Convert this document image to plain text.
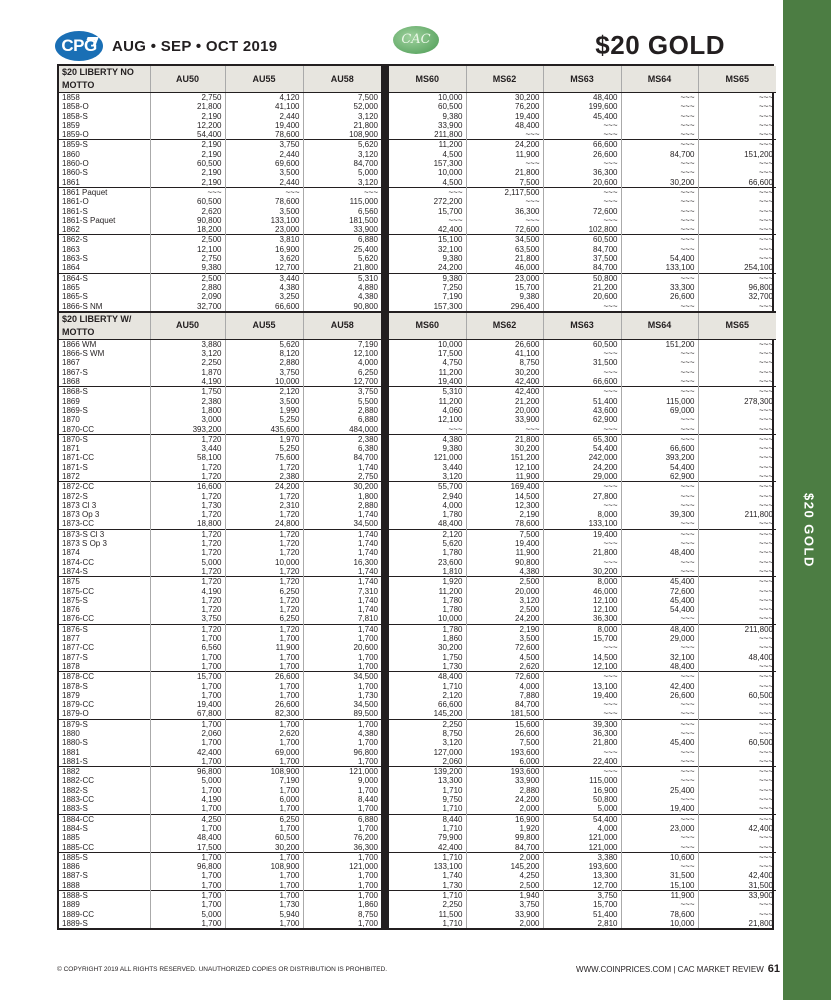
CPG	AUG • SEP • OCT 2019	CAC	$20 GOLD
$20 GOLD
$20 LIBERTY NO MOTTO	AU50	AU55	AU58		MS60	MS62	MS63	MS64	MS65
1858	2,750	4,120	7,500		10,000	30,200	48,400	~~~	~~~
1858-O	21,800	41,100	52,000		60,500	76,200	199,600	~~~	~~~
1858-S	2,190	2,440	3,120		9,380	19,400	45,400	~~~	~~~
1859	12,200	19,400	21,800		33,900	48,400	~~~	~~~	~~~
1859-O	54,400	78,600	108,900		211,800	~~~	~~~	~~~	~~~
1859-S	2,190	3,750	5,620		11,200	24,200	66,600	~~~	~~~
1860	2,190	2,440	3,120		4,500	11,900	26,600	84,700	151,200
1860-O	60,500	69,600	84,700		157,300	~~~	~~~	~~~	~~~
1860-S	2,190	3,500	5,000		10,000	21,800	36,300	~~~	~~~
1861	2,190	2,440	3,120		4,500	7,500	20,600	30,200	66,600
1861 Paquet	~~~	~~~	~~~		~~~	2,117,500	~~~	~~~	~~~
1861-O	60,500	78,600	115,000		272,200	~~~	~~~	~~~	~~~
1861-S	2,620	3,500	6,560		15,700	36,300	72,600	~~~	~~~
1861-S Paquet	90,800	133,100	181,500		~~~	~~~	~~~	~~~	~~~
1862	18,200	23,000	33,900		42,400	72,600	102,800	~~~	~~~
1862-S	2,500	3,810	6,880		15,100	34,500	60,500	~~~	~~~
1863	12,100	16,900	25,400		32,100	63,500	84,700	~~~	~~~
1863-S	2,750	3,620	5,620		9,380	21,800	37,500	54,400	~~~
1864	9,380	12,700	21,800		24,200	46,000	84,700	133,100	254,100
1864-S	2,500	3,440	5,310		9,380	23,000	50,800	~~~	~~~
1865	2,880	4,380	4,880		7,250	15,700	21,200	33,300	96,800
1865-S	2,090	3,250	4,380		7,190	9,380	20,600	26,600	32,700
1866-S NM	32,700	66,600	90,800		157,300	296,400	~~~	~~~	~~~
$20 LIBERTY W/ MOTTO	AU50	AU55	AU58		MS60	MS62	MS63	MS64	MS65
1866 WM	3,880	5,620	7,190		10,000	26,600	60,500	151,200	~~~
1866-S WM	3,120	8,120	12,100		17,500	41,100	~~~	~~~	~~~
1867	2,250	2,880	4,000		4,750	8,750	31,500	~~~	~~~
1867-S	1,870	3,750	6,250		11,200	30,200	~~~	~~~	~~~
1868	4,190	10,000	12,700		19,400	42,400	66,600	~~~	~~~
1868-S	1,750	2,120	3,750		5,310	42,400	~~~	~~~	~~~
1869	2,380	3,500	5,500		11,200	21,200	51,400	115,000	278,300
1869-S	1,800	1,990	2,880		4,060	20,000	43,600	69,000	~~~
1870	3,000	5,250	6,880		12,100	33,900	62,900	~~~	~~~
1870-CC	393,200	435,600	484,000		~~~	~~~	~~~	~~~	~~~
1870-S	1,720	1,970	2,380		4,380	21,800	65,300	~~~	~~~
1871	3,440	5,250	6,380		9,380	30,200	54,400	66,600	~~~
1871-CC	58,100	75,600	84,700		121,000	151,200	242,000	393,200	~~~
1871-S	1,720	1,720	1,740		3,440	12,100	24,200	54,400	~~~
1872	1,720	2,380	2,750		3,120	11,900	29,000	62,900	~~~
1872-CC	16,600	24,200	30,200		55,700	169,400	~~~	~~~	~~~
1872-S	1,720	1,720	1,800		2,940	14,500	27,800	~~~	~~~
1873 Cl 3	1,730	2,310	2,880		4,000	12,300	~~~	~~~	~~~
1873 Op 3	1,720	1,720	1,740		1,780	2,190	8,000	39,300	211,800
1873-CC	18,800	24,800	34,500		48,400	78,600	133,100	~~~	~~~
1873-S Cl 3	1,720	1,720	1,740		2,120	7,500	19,400	~~~	~~~
1873 S Op 3	1,720	1,720	1,740		5,620	19,400	~~~	~~~	~~~
1874	1,720	1,720	1,740		1,780	11,900	21,800	48,400	~~~
1874-CC	5,000	10,000	16,300		23,600	90,800	~~~	~~~	~~~
1874-S	1,720	1,720	1,740		1,810	4,380	30,200	~~~	~~~
1875	1,720	1,720	1,740		1,920	2,500	8,000	45,400	~~~
1875-CC	4,190	6,250	7,310		11,200	20,000	46,000	72,600	~~~
1875-S	1,720	1,720	1,740		1,780	3,120	12,100	45,400	~~~
1876	1,720	1,720	1,740		1,780	2,500	12,100	54,400	~~~
1876-CC	3,750	6,250	7,810		10,000	24,200	36,300	~~~	~~~
1876-S	1,720	1,720	1,740		1,780	2,190	8,000	48,400	211,800
1877	1,700	1,700	1,700		1,860	3,500	15,700	29,000	~~~
1877-CC	6,560	11,900	20,600		30,200	72,600	~~~	~~~	~~~
1877-S	1,700	1,700	1,700		1,750	4,500	14,500	32,100	48,400
1878	1,700	1,700	1,700		1,730	2,620	12,100	48,400	~~~
1878-CC	15,700	26,600	34,500		48,400	72,600	~~~	~~~	~~~
1878-S	1,700	1,700	1,700		1,710	4,000	13,100	42,400	~~~
1879	1,700	1,700	1,730		2,120	7,880	19,400	26,600	60,500
1879-CC	19,400	26,600	34,500		66,600	84,700	~~~	~~~	~~~
1879-O	67,800	82,300	89,500		145,200	181,500	~~~	~~~	~~~
1879-S	1,700	1,700	1,700		2,250	15,600	39,300	~~~	~~~
1880	2,060	2,620	4,380		8,750	26,600	36,300	~~~	~~~
1880-S	1,700	1,700	1,700		3,120	7,500	21,800	45,400	60,500
1881	42,400	69,000	96,800		127,000	193,600	~~~	~~~	~~~
1881-S	1,700	1,700	1,700		2,060	6,000	22,400	~~~	~~~
1882	96,800	108,900	121,000		139,200	193,600	~~~	~~~	~~~
1882-CC	5,000	7,190	9,000		13,300	33,900	115,000	~~~	~~~
1882-S	1,700	1,700	1,700		1,710	2,880	16,900	25,400	~~~
1883-CC	4,190	6,000	8,440		9,750	24,200	50,800	~~~	~~~
1883-S	1,700	1,700	1,700		1,710	2,000	5,000	19,400	~~~
1884-CC	4,250	6,250	6,880		8,440	16,900	54,400	~~~	~~~
1884-S	1,700	1,700	1,700		1,710	1,920	4,000	23,000	42,400
1885	48,400	60,500	76,200		79,900	99,800	121,000	~~~	~~~
1885-CC	17,500	30,200	36,300		42,400	84,700	121,000	~~~	~~~
1885-S	1,700	1,700	1,700		1,710	2,000	3,380	10,600	~~~
1886	96,800	108,900	121,000		133,100	145,200	193,600	~~~	~~~
1887-S	1,700	1,700	1,700		1,740	4,250	13,300	31,500	42,400
1888	1,700	1,700	1,700		1,730	2,500	12,700	15,100	31,500
1888-S	1,700	1,700	1,700		1,710	1,940	3,750	11,900	33,900
1889	1,700	1,730	1,860		2,250	3,750	15,700	~~~	~~~
1889-CC	5,000	5,940	8,750		11,500	33,900	51,400	78,600	~~~
1889-S	1,700	1,700	1,700		1,710	2,000	2,810	10,000	21,800
© COPYRIGHT 2019 ALL RIGHTS RESERVED. UNAUTHORIZED COPIES OR DISTRIBUTION IS PROHIBITED.	WWW.COINPRICES.COM | CAC MARKET REVIEW 61
